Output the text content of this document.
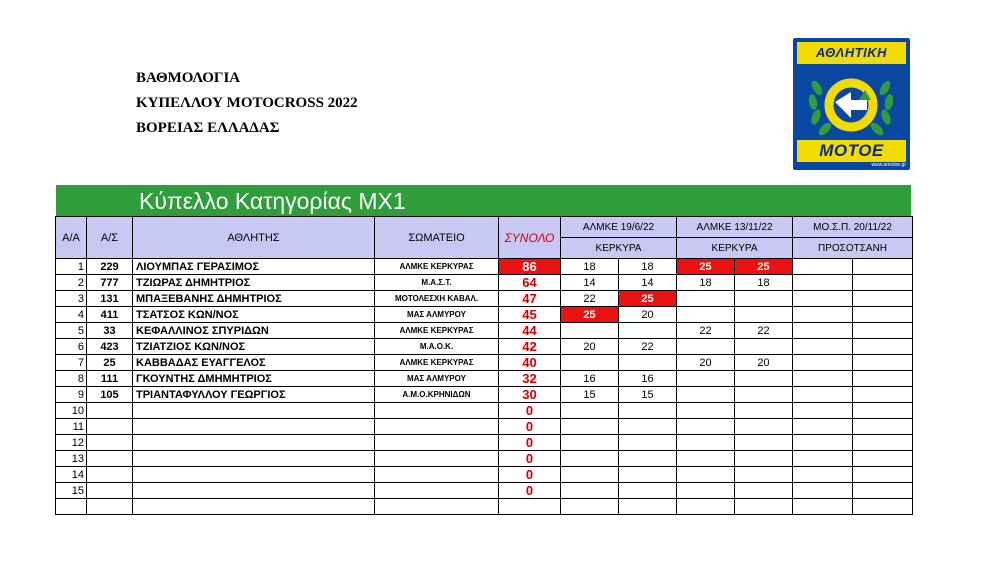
ΒΑΘΜΟΛΟΓΙΑ
ΚΥΠΕΛΛΟΥ MOTOCROSS 2022
ΒΟΡΕΙΑΣ ΕΛΛΑΔΑΣ
ΑΘΛΗΤΙΚΗ
MOTOE
www.amotoe.gr
Κύπελλο Κατηγορίας MX1
Α/Α	Α/Σ	ΑΘΛΗΤΗΣ	ΣΩΜΑΤΕΙΟ	ΣΥΝΟΛΟ	ΑΛΜΚΕ 19/6/22		ΑΛΜΚΕ 13/11/22		ΜΟ.Σ.Π. 20/11/22	
					ΚΕΡΚΥΡΑ		ΚΕΡΚΥΡΑ		ΠΡΟΣΟΤΣΑΝΗ	
1	229	ΛΙΟΥΜΠΑΣ ΓΕΡΑΣΙΜΟΣ	ΑΛΜΚΕ ΚΕΡΚΥΡΑΣ	86	18	18	25	25		
2	777	ΤΖΙΩΡΑΣ ΔΗΜΗΤΡΙΟΣ	Μ.Α.Σ.Τ.	64	14	14	18	18		
3	131	ΜΠΑΞΕΒΑΝΗΣ ΔΗΜΗΤΡΙΟΣ	ΜΟΤΟΛΕΣΧΗ ΚΑΒΑΛ.	47	22	25				
4	411	ΤΣΑΤΣΟΣ ΚΩΝ/ΝΟΣ	ΜΑΣ ΑΛΜΥΡΟΥ	45	25	20				
5	33	ΚΕΦΑΛΛΙΝΟΣ ΣΠΥΡΙΔΩΝ	ΑΛΜΚΕ ΚΕΡΚΥΡΑΣ	44			22	22		
6	423	ΤΖΙΑΤΖΙΟΣ ΚΩΝ/ΝΟΣ	Μ.Α.Ο.Κ.	42	20	22				
7	25	ΚΑΒΒΑΔΑΣ ΕΥΑΓΓΕΛΟΣ	ΑΛΜΚΕ ΚΕΡΚΥΡΑΣ	40			20	20		
8	111	ΓΚΟΥΝΤΗΣ ΔΜΗΜΗΤΡΙΟΣ	ΜΑΣ ΑΛΜΥΡΟΥ	32	16	16				
9	105	ΤΡΙΑΝΤΑΦΥΛΛΟΥ ΓΕΩΡΓΙΟΣ	Α.Μ.Ο.ΚΡΗΝΙΔΩΝ	30	15	15				
10				0						
11				0						
12				0						
13				0						
14				0						
15				0						
